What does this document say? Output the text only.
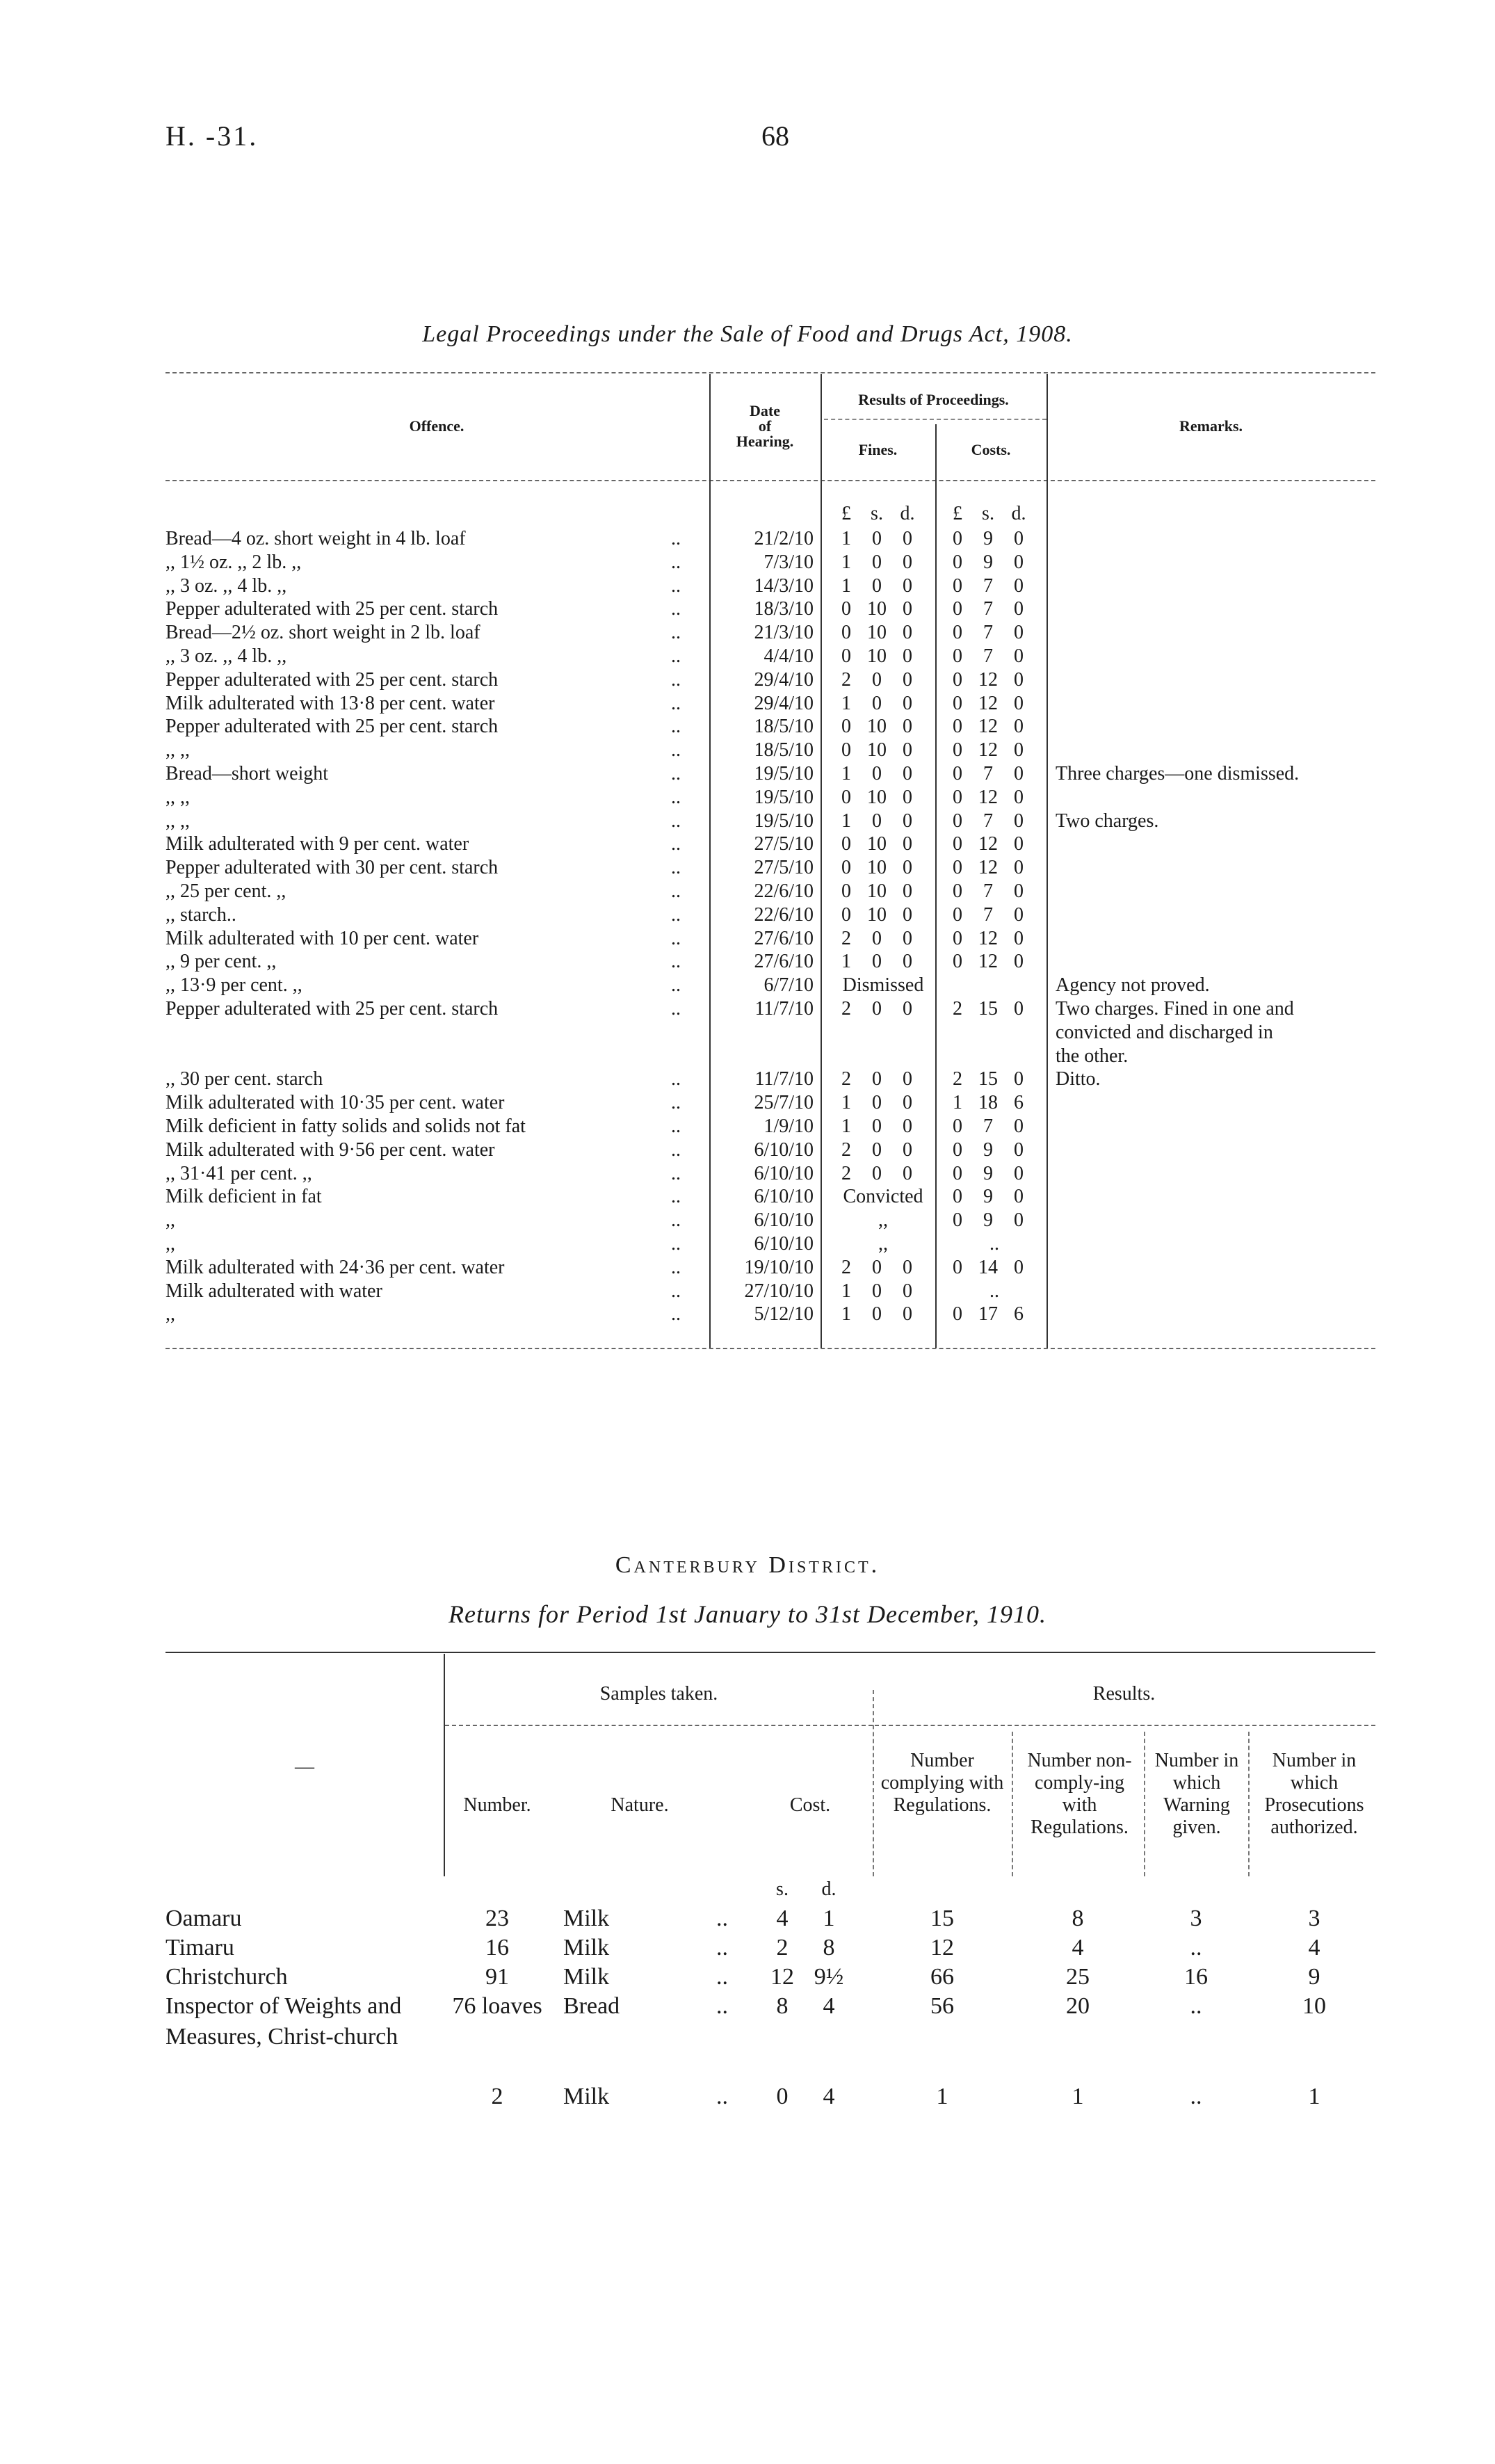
H. -31.	68
Legal Proceedings under the Sale of Food and Drugs Act, 1908.
Offence.
Date
of
Hearing.
Results of Proceedings.
Fines.	Costs.
Remarks.
£ s. d.	£ s. d.
Bread—4 oz. short weight in 4 lb. loaf	..	21/2/10	1 0 0	0 9 0
,, 1½ oz. ,, 2 lb. ,,	..	7/3/10	1 0 0	0 9 0
,, 3 oz. ,, 4 lb. ,,	..	14/3/10	1 0 0	0 7 0
Pepper adulterated with 25 per cent. starch	..	18/3/10	0 10 0	0 7 0
Bread—2½ oz. short weight in 2 lb. loaf	..	21/3/10	0 10 0	0 7 0
,, 3 oz. ,, 4 lb. ,,	..	4/4/10	0 10 0	0 7 0
Pepper adulterated with 25 per cent. starch	..	29/4/10	2 0 0	0 12 0
Milk adulterated with 13·8 per cent. water	..	29/4/10	1 0 0	0 12 0
Pepper adulterated with 25 per cent. starch	..	18/5/10	0 10 0	0 12 0
,, ,,	..	18/5/10	0 10 0	0 12 0
Bread—short weight	..	19/5/10	1 0 0	0 7 0	Three charges—one dismissed.
,, ,,	..	19/5/10	0 10 0	0 12 0
,, ,,	..	19/5/10	1 0 0	0 7 0	Two charges.
Milk adulterated with 9 per cent. water	..	27/5/10	0 10 0	0 12 0
Pepper adulterated with 30 per cent. starch	..	27/5/10	0 10 0	0 12 0
,, 25 per cent. ,,	..	22/6/10	0 10 0	0 7 0
,, starch..	..	22/6/10	0 10 0	0 7 0
Milk adulterated with 10 per cent. water	..	27/6/10	2 0 0	0 12 0
,, 9 per cent. ,,	..	27/6/10	1 0 0	0 12 0
,, 13·9 per cent. ,,	..	6/7/10	Dismissed	Agency not proved.
Pepper adulterated with 25 per cent. starch	..	11/7/10	2 0 0	2 15 0	Two charges. Fined in one and
convicted and discharged in
the other.
,, 30 per cent. starch	..	11/7/10	2 0 0	2 15 0	Ditto.
Milk adulterated with 10·35 per cent. water	..	25/7/10	1 0 0	1 18 6
Milk deficient in fatty solids and solids not fat	..	1/9/10	1 0 0	0 7 0
Milk adulterated with 9·56 per cent. water	..	6/10/10	2 0 0	0 9 0
,, 31·41 per cent. ,,	..	6/10/10	2 0 0	0 9 0
Milk deficient in fat	..	6/10/10	Convicted	0 9 0
,,	..	6/10/10	,,	0 9 0
,,	..	6/10/10	,,	..
Milk adulterated with 24·36 per cent. water	..	19/10/10	2 0 0	0 14 0
Milk adulterated with water	..	27/10/10	1 0 0	..
,,	..	5/12/10	1 0 0	0 17 6
Canterbury District.
Returns for Period 1st January to 31st December, 1910.
Samples taken.	Results.
—
Number.	Nature.	Cost.
Number complying with Regulations.
Number non-comply-ing with Regulations.
Number in which Warning given.
Number in which Prosecutions authorized.
s.	d.
Oamaru	23	Milk	..	4	1	15	8	3	3
Timaru	16	Milk	..	2	8	12	4	..	4
Christchurch	91	Milk	.. 12 9½	66	25	16	9
Inspector of Weights and Measures, Christ-church
76 loaves Bread	..	8	4	56	20	..	10
2	Milk	..	0	4	1	1	..	1
